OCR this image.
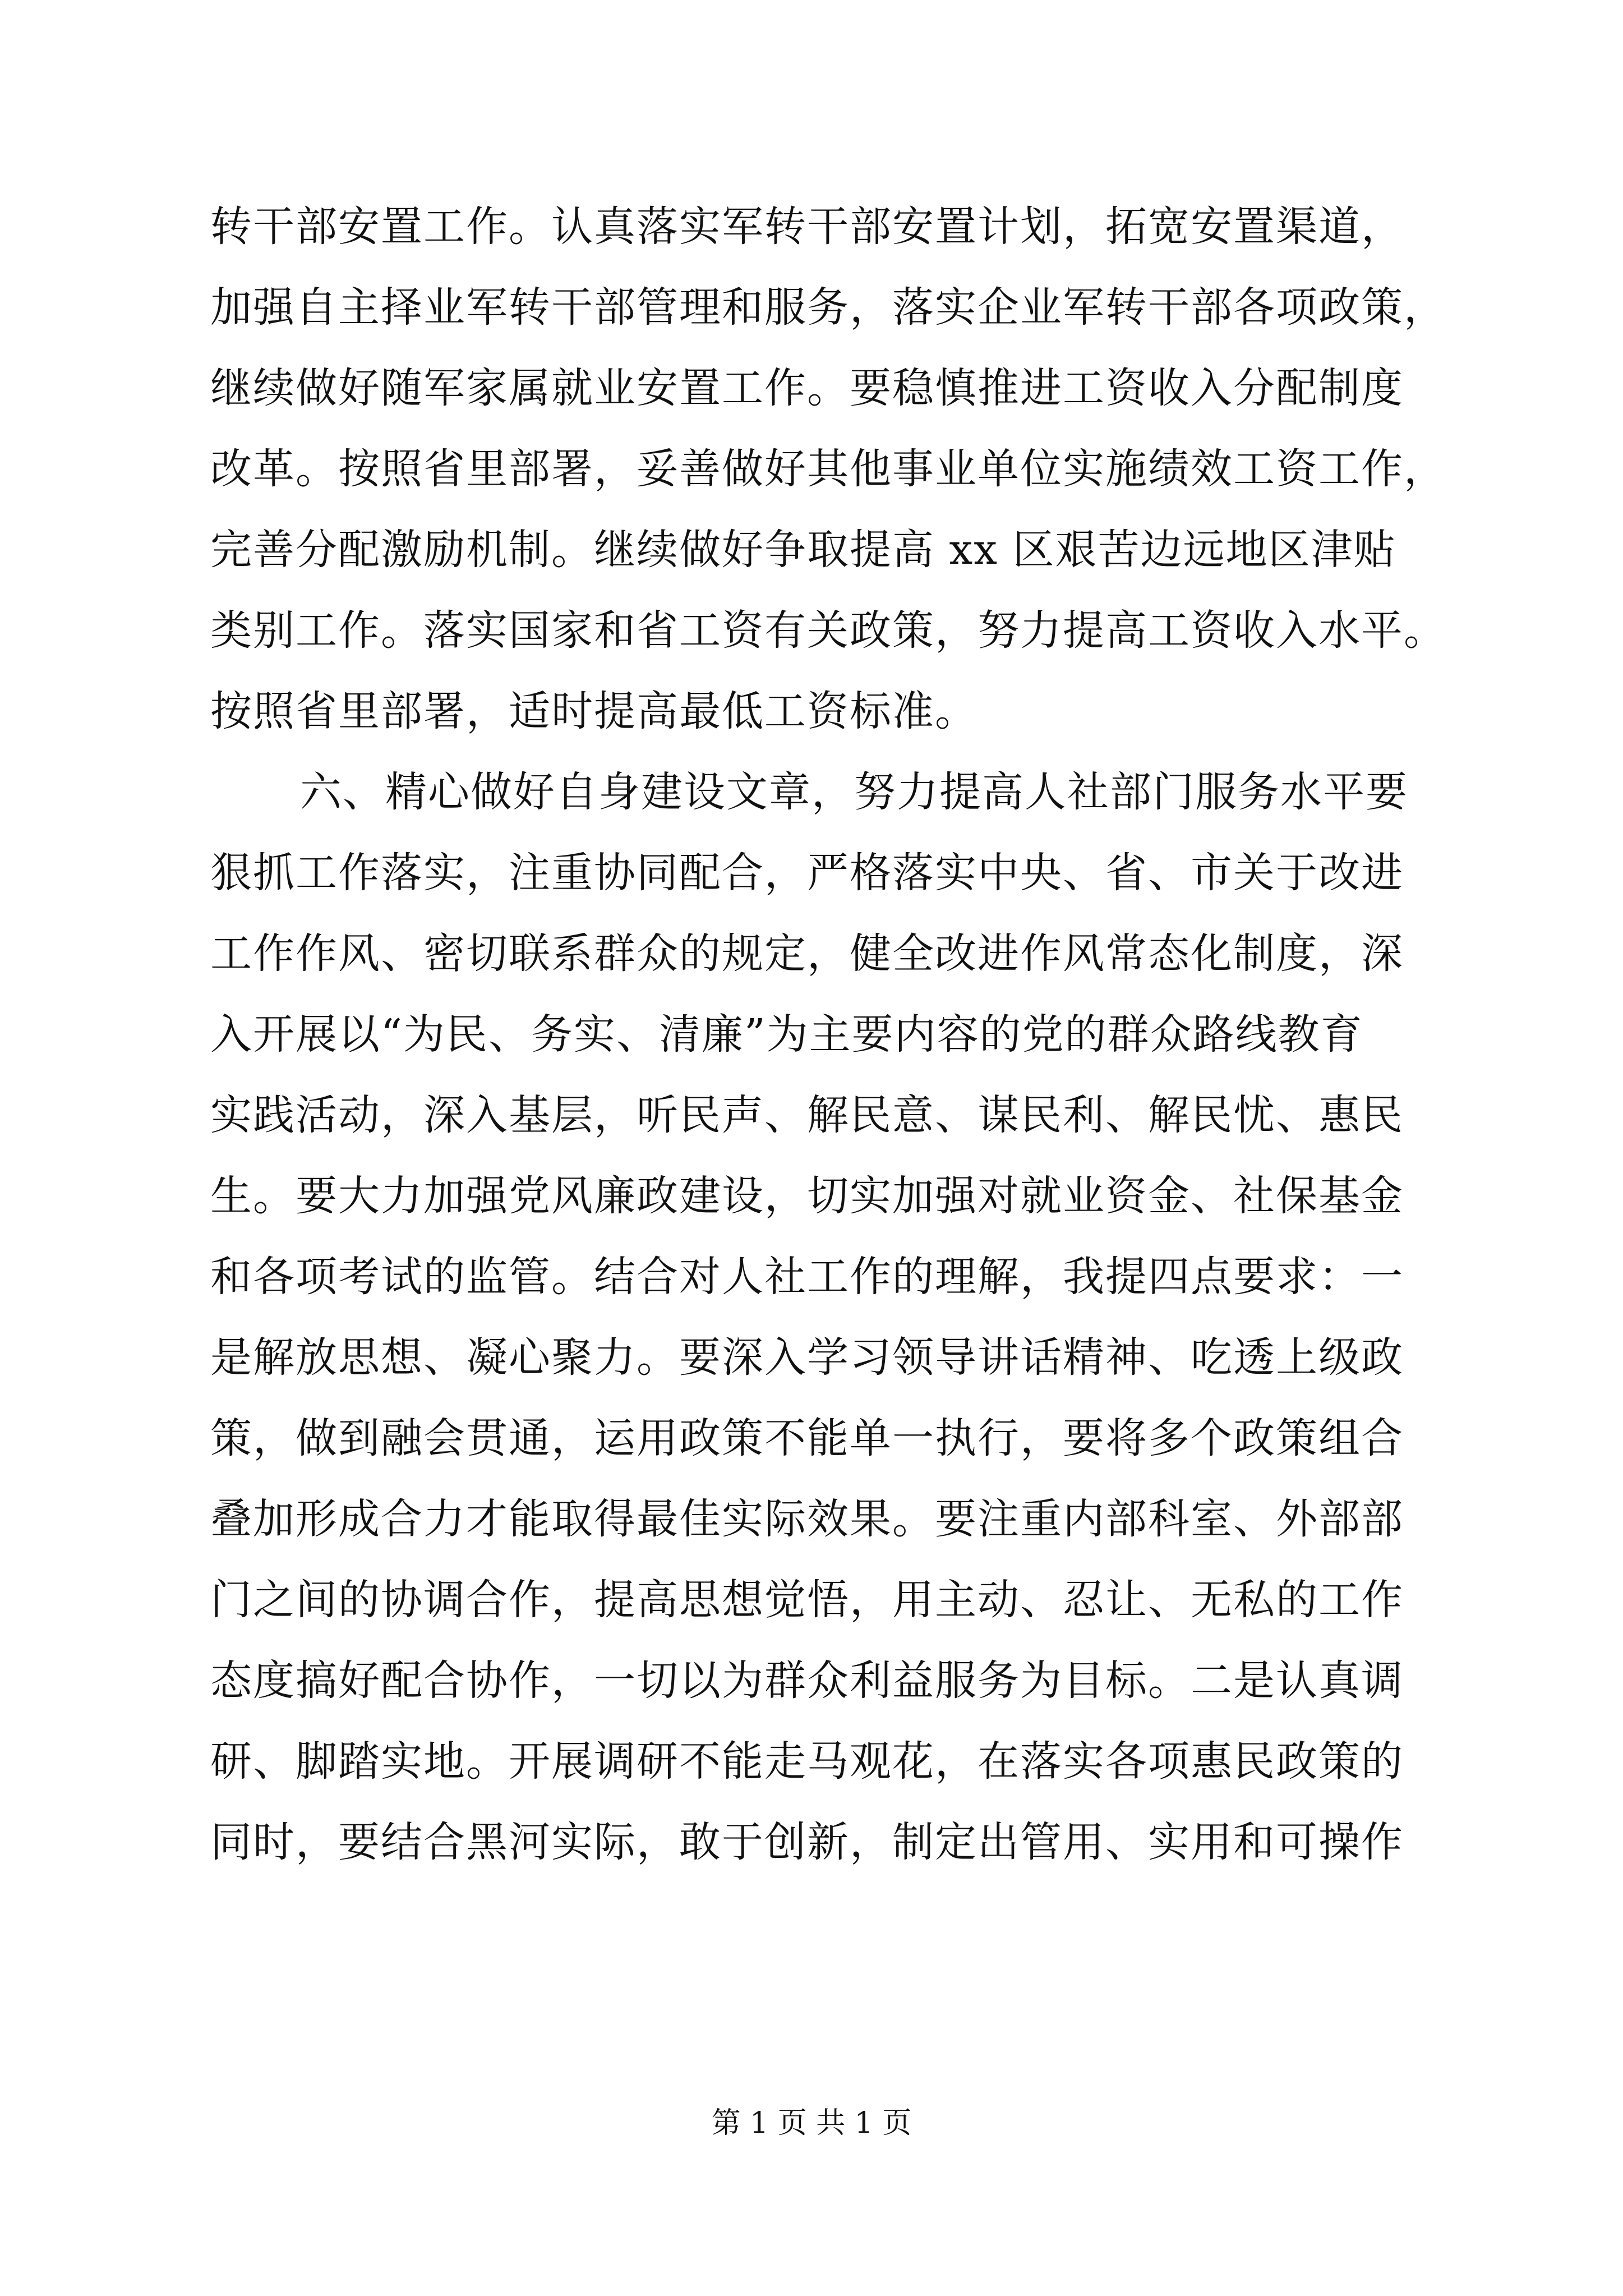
转干部安置工作。认真落实军转干部安置计划，拓宽安置渠道，
加强自主择业军转干部管理和服务，落实企业军转干部各项政策，
继续做好随军家属就业安置工作。要稳慎推进工资收入分配制度
改革。按照省里部署，妥善做好其他事业单位实施绩效工资工作，
完善分配激励机制。继续做好争取提高 xx 区艰苦边远地区津贴
类别工作。落实国家和省工资有关政策，努力提高工资收入水平。
按照省里部署，适时提高最低工资标准。
六、精心做好自身建设文章，努力提高人社部门服务水平要
狠抓工作落实，注重协同配合，严格落实中央、省、市关于改进
工作作风、密切联系群众的规定，健全改进作风常态化制度，深
入开展以“为民、务实、清廉”为主要内容的党的群众路线教育
实践活动，深入基层，听民声、解民意、谋民利、解民忧、惠民
生。要大力加强党风廉政建设，切实加强对就业资金、社保基金
和各项考试的监管。结合对人社工作的理解，我提四点要求：一
是解放思想、凝心聚力。要深入学习领导讲话精神、吃透上级政
策，做到融会贯通，运用政策不能单一执行，要将多个政策组合
叠加形成合力才能取得最佳实际效果。要注重内部科室、外部部
门之间的协调合作，提高思想觉悟，用主动、忍让、无私的工作
态度搞好配合协作，一切以为群众利益服务为目标。二是认真调
研、脚踏实地。开展调研不能走马观花，在落实各项惠民政策的
同时，要结合黑河实际，敢于创新，制定出管用、实用和可操作
第 1 页 共 1 页
